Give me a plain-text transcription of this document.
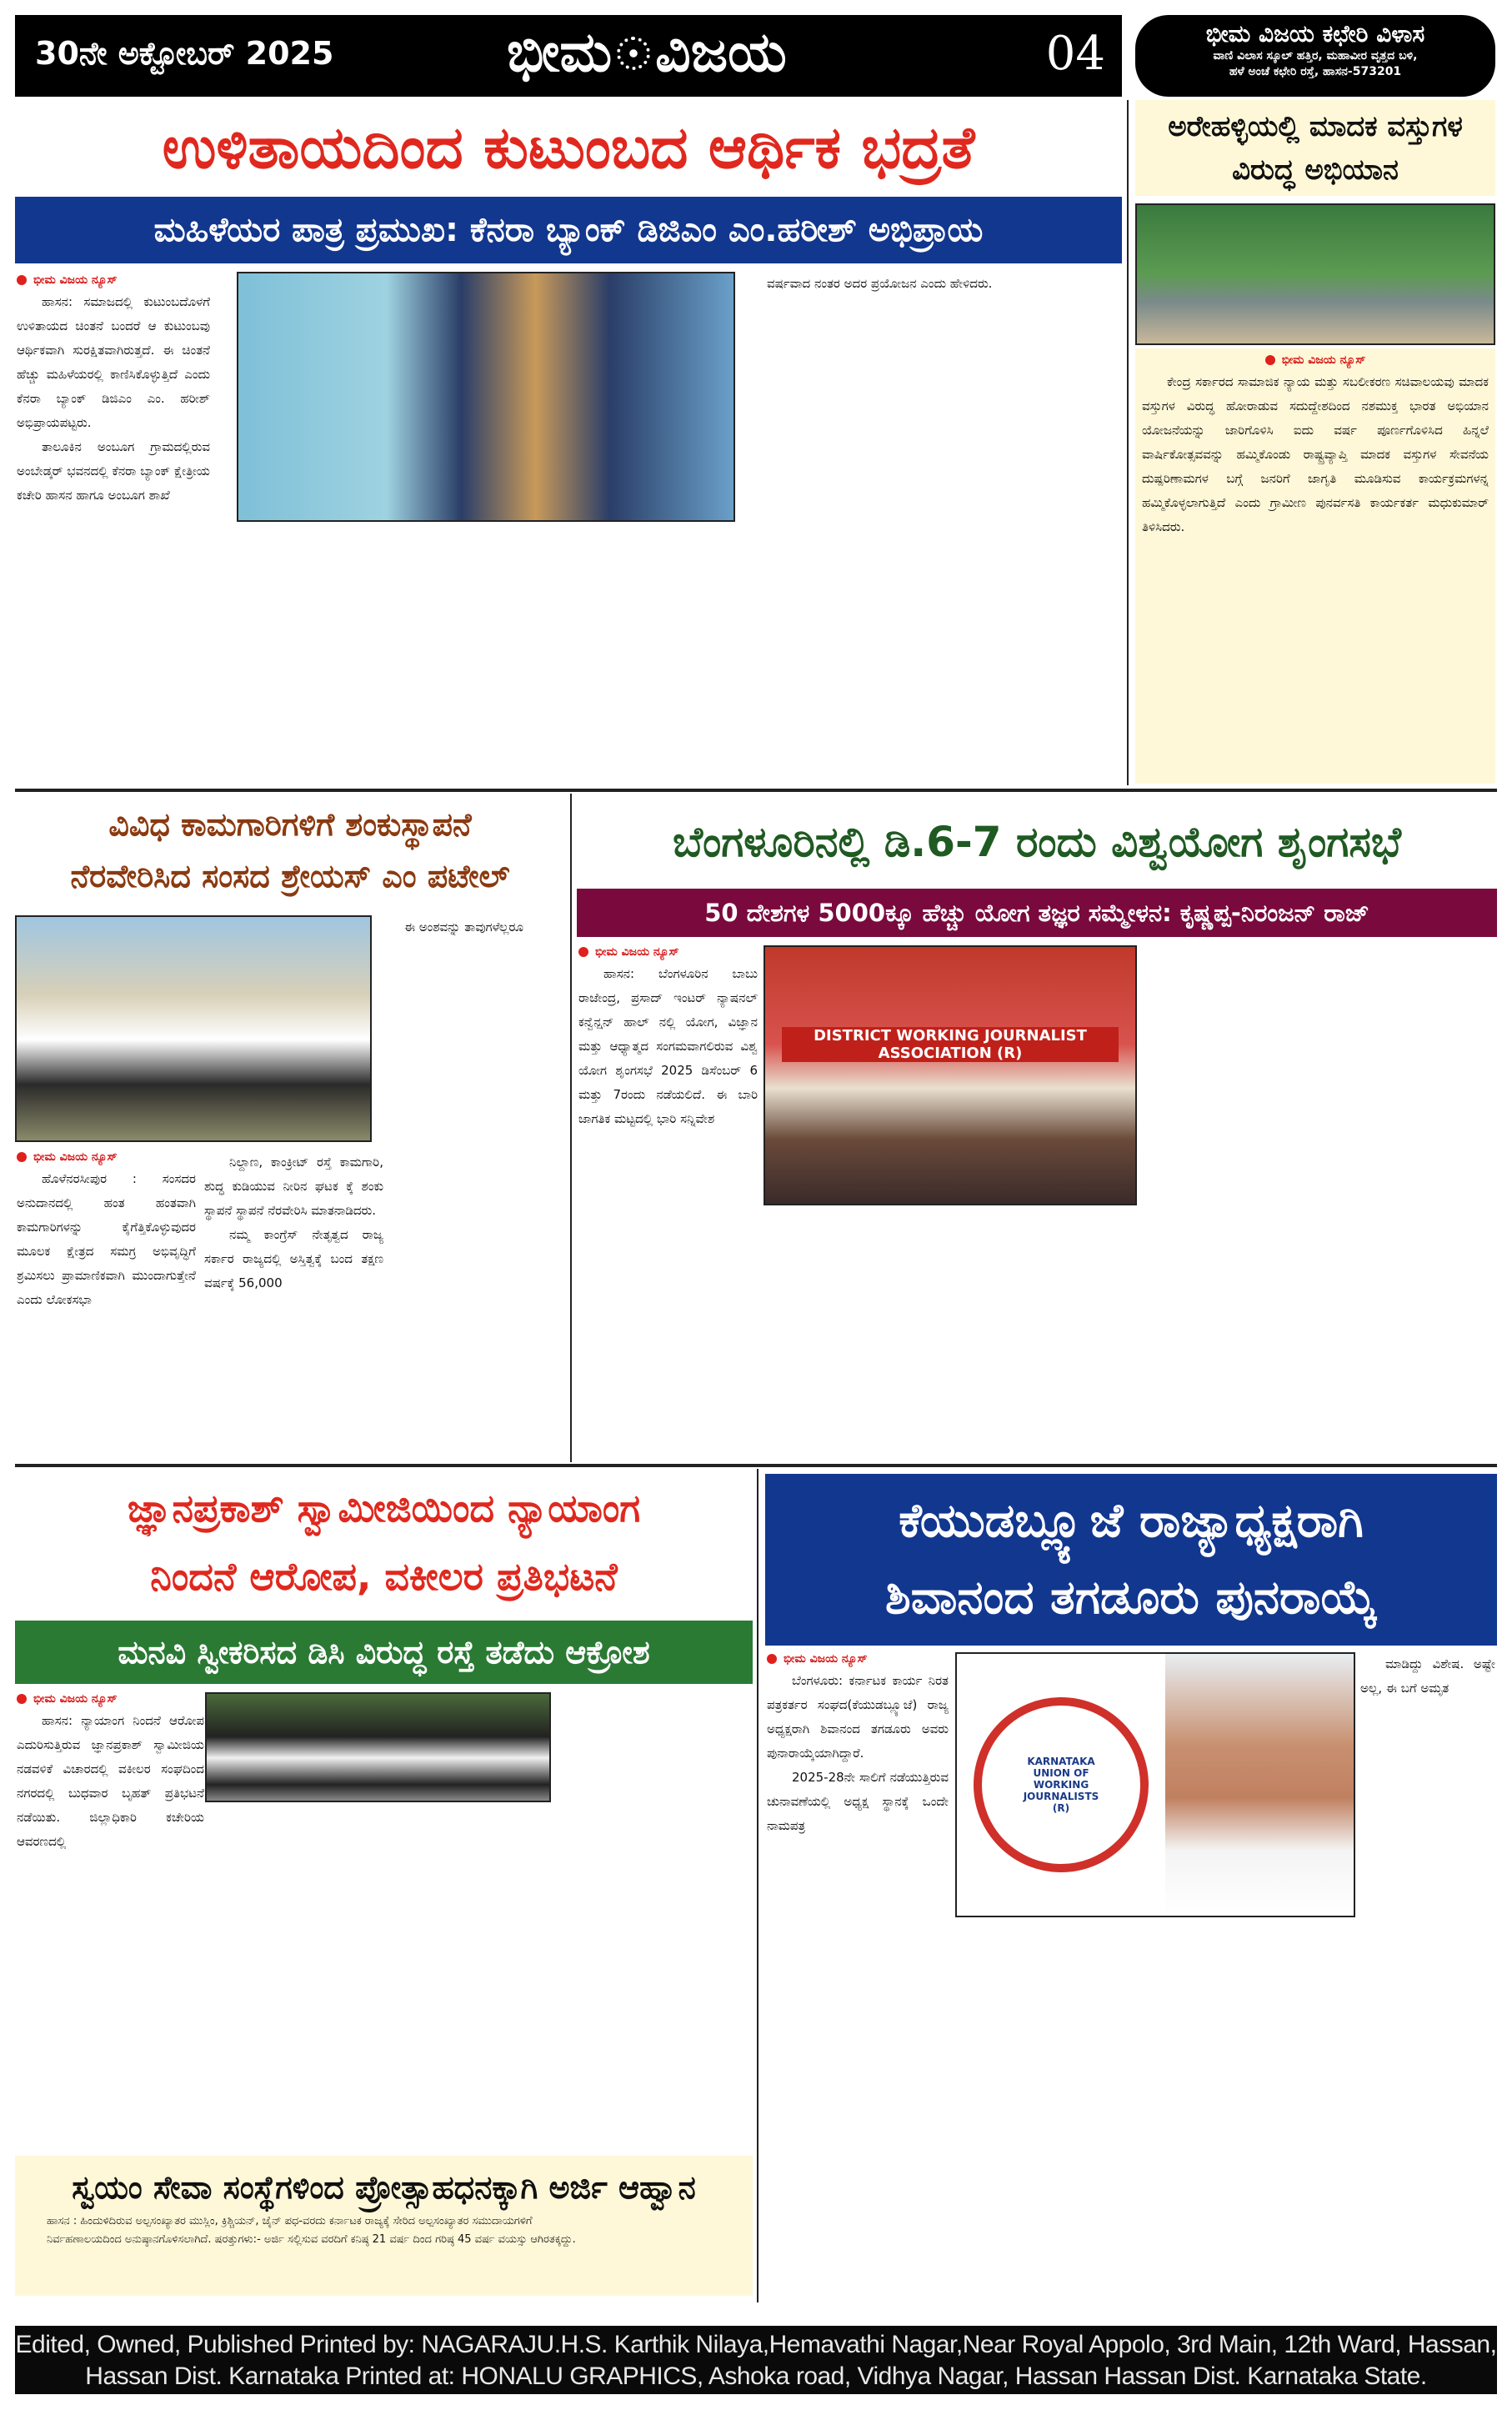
30ನೇ ಅಕ್ಟೋಬರ್ 2025	ಭೀಮ ವಿಜಯ	04	ಭೀಮ ವಿಜಯ ಕಛೇರಿ ವಿಳಾಸ
ವಾಣಿ ವಿಲಾಸ ಸ್ಕೂಲ್ ಹತ್ತಿರ, ಮಹಾವೀರ ವೃತ್ತದ ಬಳಿ,
ಹಳೆ ಅಂಚೆ ಕಛೇರಿ ರಸ್ತೆ, ಹಾಸನ-573201
ಉಳಿತಾಯದಿಂದ ಕುಟುಂಬದ ಆರ್ಥಿಕ ಭದ್ರತೆ
ಮಹಿಳೆಯರ ಪಾತ್ರ ಪ್ರಮುಖ: ಕೆನರಾ ಬ್ಯಾಂಕ್ ಡಿಜಿಎಂ ಎಂ.ಹರೀಶ್ ಅಭಿಪ್ರಾಯ
ಭೀಮ ವಿಜಯ ನ್ಯೂಸ್

ಹಾಸನ: ಸಮಾಜದಲ್ಲಿ ಕುಟುಂಬದೊಳಗೆ ಉಳಿತಾಯದ ಚಿಂತನೆ ಬಂದರೆ ಆ ಕುಟುಂಬವು ಆರ್ಥಿಕವಾಗಿ ಸುರಕ್ಷಿತವಾಗಿರುತ್ತದೆ. ಈ ಚಿಂತನೆ ಹೆಚ್ಚು ಮಹಿಳೆಯರಲ್ಲಿ ಕಾಣಿಸಿಕೊಳ್ಳುತ್ತಿದೆ ಎಂದು ಕೆನರಾ ಬ್ಯಾಂಕ್ ಡಿಜಿಎಂ ಎಂ. ಹರೀಶ್ ಅಭಿಪ್ರಾಯಪಟ್ಟರು.

ತಾಲೂಕಿನ ಅಂಬೂಗ ಗ್ರಾಮದಲ್ಲಿರುವ ಅಂಬೇಡ್ಕರ್ ಭವನದಲ್ಲಿ ಕೆನರಾ ಬ್ಯಾಂಕ್ ಕ್ಷೇತ್ರೀಯ ಕಚೇರಿ ಹಾಸನ ಹಾಗೂ ಅಂಬೂಗ ಶಾಖೆ

ವರ್ಷವಾದ ನಂತರ ಅದರ ಪ್ರಯೋಜನ ಎಂದು ಹೇಳಿದರು.

ಅರೇಹಳ್ಳಿಯಲ್ಲಿ ಮಾದಕ ವಸ್ತುಗಳ ವಿರುದ್ಧ ಅಭಿಯಾನ
ಭೀಮ ವಿಜಯ ನ್ಯೂಸ್

ಕೇಂದ್ರ ಸರ್ಕಾರದ ಸಾಮಾಜಿಕ ನ್ಯಾಯ ಮತ್ತು ಸಬಲೀಕರಣ ಸಚಿವಾಲಯವು ಮಾದಕ ವಸ್ತುಗಳ ವಿರುದ್ಧ ಹೋರಾಡುವ ಸದುದ್ದೇಶದಿಂದ ನಶಮುಕ್ತ ಭಾರತ ಅಭಿಯಾನ ಯೋಜನೆಯನ್ನು ಜಾರಿಗೊಳಿಸಿ ಐದು ವರ್ಷ ಪೂರ್ಣಗೊಳಿಸಿದ ಹಿನ್ನಲೆ ವಾರ್ಷಿಕೋತ್ಸವವನ್ನು ಹಮ್ಮಿಕೊಂಡು ರಾಷ್ಟ್ರವ್ಯಾಪ್ತಿ ಮಾದಕ ವಸ್ತುಗಳ ಸೇವನೆಯ ದುಷ್ಪರಿಣಾಮಗಳ ಬಗ್ಗೆ ಜನರಿಗೆ ಜಾಗೃತಿ ಮೂಡಿಸುವ ಕಾರ್ಯಕ್ರಮಗಳನ್ನ ಹಮ್ಮಿಕೊಳ್ಳಲಾಗುತ್ತಿದೆ ಎಂದು ಗ್ರಾಮೀಣ ಪುನರ್ವಸತಿ ಕಾರ್ಯಕರ್ತ ಮಧುಕುಮಾರ್ ತಿಳಿಸಿದರು.

ವಿವಿಧ ಕಾಮಗಾರಿಗಳಿಗೆ ಶಂಕುಸ್ಥಾಪನೆ
ನೆರವೇರಿಸಿದ ಸಂಸದ ಶ್ರೇಯಸ್ ಎಂ ಪಟೇಲ್

ಈ ಅಂಶವನ್ನು ತಾವುಗಳೆಲ್ಲರೂ

ಭೀಮ ವಿಜಯ ನ್ಯೂಸ್

ಹೊಳೆನರಸೀಪುರ : ಸಂಸದರ ಅನುದಾನದಲ್ಲಿ ಹಂತ ಹಂತವಾಗಿ ಕಾಮಗಾರಿಗಳನ್ನು ಕೈಗೆತ್ತಿಕೊಳ್ಳುವುದರ ಮೂಲಕ ಕ್ಷೇತ್ರದ ಸಮಗ್ರ ಅಭಿವೃದ್ಧಿಗೆ ಶ್ರಮಿಸಲು ಪ್ರಾಮಾಣಿಕವಾಗಿ ಮುಂದಾಗುತ್ತೇನೆ ಎಂದು ಲೋಕಸಭಾ

ನಿಲ್ದಾಣ, ಕಾಂಕ್ರೀಟ್ ರಸ್ತೆ ಕಾಮಗಾರಿ, ಶುದ್ಧ ಕುಡಿಯುವ ನೀರಿನ ಘಟಕ ಕ್ಕೆ ಶಂಕು ಸ್ಥಾಪನೆ ಸ್ಥಾಪನೆ ನೆರವೇರಿಸಿ ಮಾತನಾಡಿದರು.

ನಮ್ಮ ಕಾಂಗ್ರೆಸ್ ನೇತೃತ್ವದ ರಾಜ್ಯ ಸರ್ಕಾರ ರಾಜ್ಯದಲ್ಲಿ ಅಸ್ತಿತ್ವಕ್ಕೆ ಬಂದ ತಕ್ಷಣ ವರ್ಷಕ್ಕೆ 56,000

ಬೆಂಗಳೂರಿನಲ್ಲಿ ಡಿ.6-7 ರಂದು ವಿಶ್ವಯೋಗ ಶೃಂಗಸಭೆ
50 ದೇಶಗಳ 5000ಕ್ಕೂ ಹೆಚ್ಚು ಯೋಗ ತಜ್ಞರ ಸಮ್ಮೇಳನ: ಕೃಷ್ಣಪ್ಪ-ನಿರಂಜನ್ ರಾಜ್
ಭೀಮ ವಿಜಯ ನ್ಯೂಸ್

ಹಾಸನ: ಬೆಂಗಳೂರಿನ ಬಾಬು ರಾಜೇಂದ್ರ, ಪ್ರಸಾದ್ ಇಂಟರ್ ನ್ಯಾಷನಲ್ ಕನ್ವೆನ್ಷನ್ ಹಾಲ್ ನಲ್ಲಿ ಯೋಗ, ವಿಜ್ಞಾನ ಮತ್ತು ಆಧ್ಯಾತ್ಮದ ಸಂಗಮವಾಗಲಿರುವ ವಿಶ್ವ ಯೋಗ ಶೃಂಗಸಭೆ 2025 ಡಿಸೆಂಬರ್ 6 ಮತ್ತು 7ರಂದು ನಡೆಯಲಿದೆ. ಈ ಬಾರಿ ಜಾಗತಿಕ ಮಟ್ಟದಲ್ಲಿ ಭಾರಿ ಸನ್ನಿವೇಶ

DISTRICT WORKING JOURNALIST ASSOCIATION (R)
ಜ್ಞಾನಪ್ರಕಾಶ್ ಸ್ವಾಮೀಜಿಯಿಂದ ನ್ಯಾಯಾಂಗ
ನಿಂದನೆ ಆರೋಪ, ವಕೀಲರ ಪ್ರತಿಭಟನೆ
ಮನವಿ ಸ್ವೀಕರಿಸದ ಡಿಸಿ ವಿರುದ್ಧ ರಸ್ತೆ ತಡೆದು ಆಕ್ರೋಶ
ಭೀಮ ವಿಜಯ ನ್ಯೂಸ್

ಹಾಸನ: ನ್ಯಾಯಾಂಗ ನಿಂದನೆ ಆರೋಪ ಎದುರಿಸುತ್ತಿರುವ ಜ್ಞಾನಪ್ರಕಾಶ್ ಸ್ವಾಮೀಜಿಯ ನಡವಳಿಕೆ ವಿಚಾರದಲ್ಲಿ ವಕೀಲರ ಸಂಘದಿಂದ ನಗರದಲ್ಲಿ ಬುಧವಾರ ಬೃಹತ್ ಪ್ರತಿಭಟನೆ ನಡೆಯಿತು. ಜಿಲ್ಲಾಧಿಕಾರಿ ಕಚೇರಿಯ ಆವರಣದಲ್ಲಿ

ಸ್ವಯಂ ಸೇವಾ ಸಂಸ್ಥೆಗಳಿಂದ ಪ್ರೋತ್ಸಾಹಧನಕ್ಕಾಗಿ ಅರ್ಜಿ ಆಹ್ವಾನ

ಹಾಸನ : ಹಿಂದುಳಿದಿರುವ ಅಲ್ಪಸಂಖ್ಯಾತರ ಮುಸ್ಲಿಂ, ಕ್ರಿಶ್ಚಿಯನ್, ಜೈನ್ ಪಧ-ವರದು ಕರ್ನಾಟಕ ರಾಜ್ಯಕ್ಕೆ ಸೇರಿದ ಅಲ್ಪಸಂಖ್ಯಾತರ ಸಮುದಾಯಗಳಿಗೆ

ನಿರ್ವಹಣಾಲಯದಿಂದ ಅನುಷ್ಠಾನಗೊಳಿಸಲಾಗಿದೆ. ಷರತ್ತುಗಳು:- ಅರ್ಜಿ ಸಲ್ಲಿಸುವ ವರದಿಗೆ ಕನಿಷ್ಠ 21 ವರ್ಷ ದಿಂದ ಗರಿಷ್ಠ 45 ವರ್ಷ ವಯಸ್ಸು ಆಗಿರತಕ್ಕದ್ದು.

ಕೆಯುಡಬ್ಲ್ಯೂಜೆ ರಾಜ್ಯಾಧ್ಯಕ್ಷರಾಗಿ
ಶಿವಾನಂದ ತಗಡೂರು ಪುನರಾಯ್ಕೆ
ಭೀಮ ವಿಜಯ ನ್ಯೂಸ್

ಬೆಂಗಳೂರು: ಕರ್ನಾಟಕ ಕಾರ್ಯ ನಿರತ ಪತ್ರಕರ್ತರ ಸಂಘದ(ಕೆಯುಡಬ್ಲ್ಯೂಜೆ) ರಾಜ್ಯ ಅಧ್ಯಕ್ಷರಾಗಿ ಶಿವಾನಂದ ತಗಡೂರು ಅವರು ಪುನಾರಾಯ್ಕೆಯಾಗಿದ್ದಾರೆ.

2025-28ನೇ ಸಾಲಿಗೆ ನಡೆಯುತ್ತಿರುವ ಚುನಾವಣೆಯಲ್ಲಿ ಅಧ್ಯಕ್ಷ ಸ್ಥಾನಕ್ಕೆ ಒಂದೇ ನಾಮಪತ್ರ

KARNATAKA UNION OF WORKING JOURNALISTS (R)

ಮಾಡಿದ್ದು ವಿಶೇಷ. ಅಷ್ಟೇ ಅಲ್ಲ, ಈ ಬಗೆ ಅಮೃತ

Edited, Owned, Published Printed by: NAGARAJU.H.S. Karthik Nilaya,Hemavathi Nagar,Near Royal Appolo, 3rd Main, 12th Ward, Hassan,
Hassan Dist. Karnataka Printed at: HONALU GRAPHICS, Ashoka road, Vidhya Nagar, Hassan Hassan Dist. Karnataka State.
